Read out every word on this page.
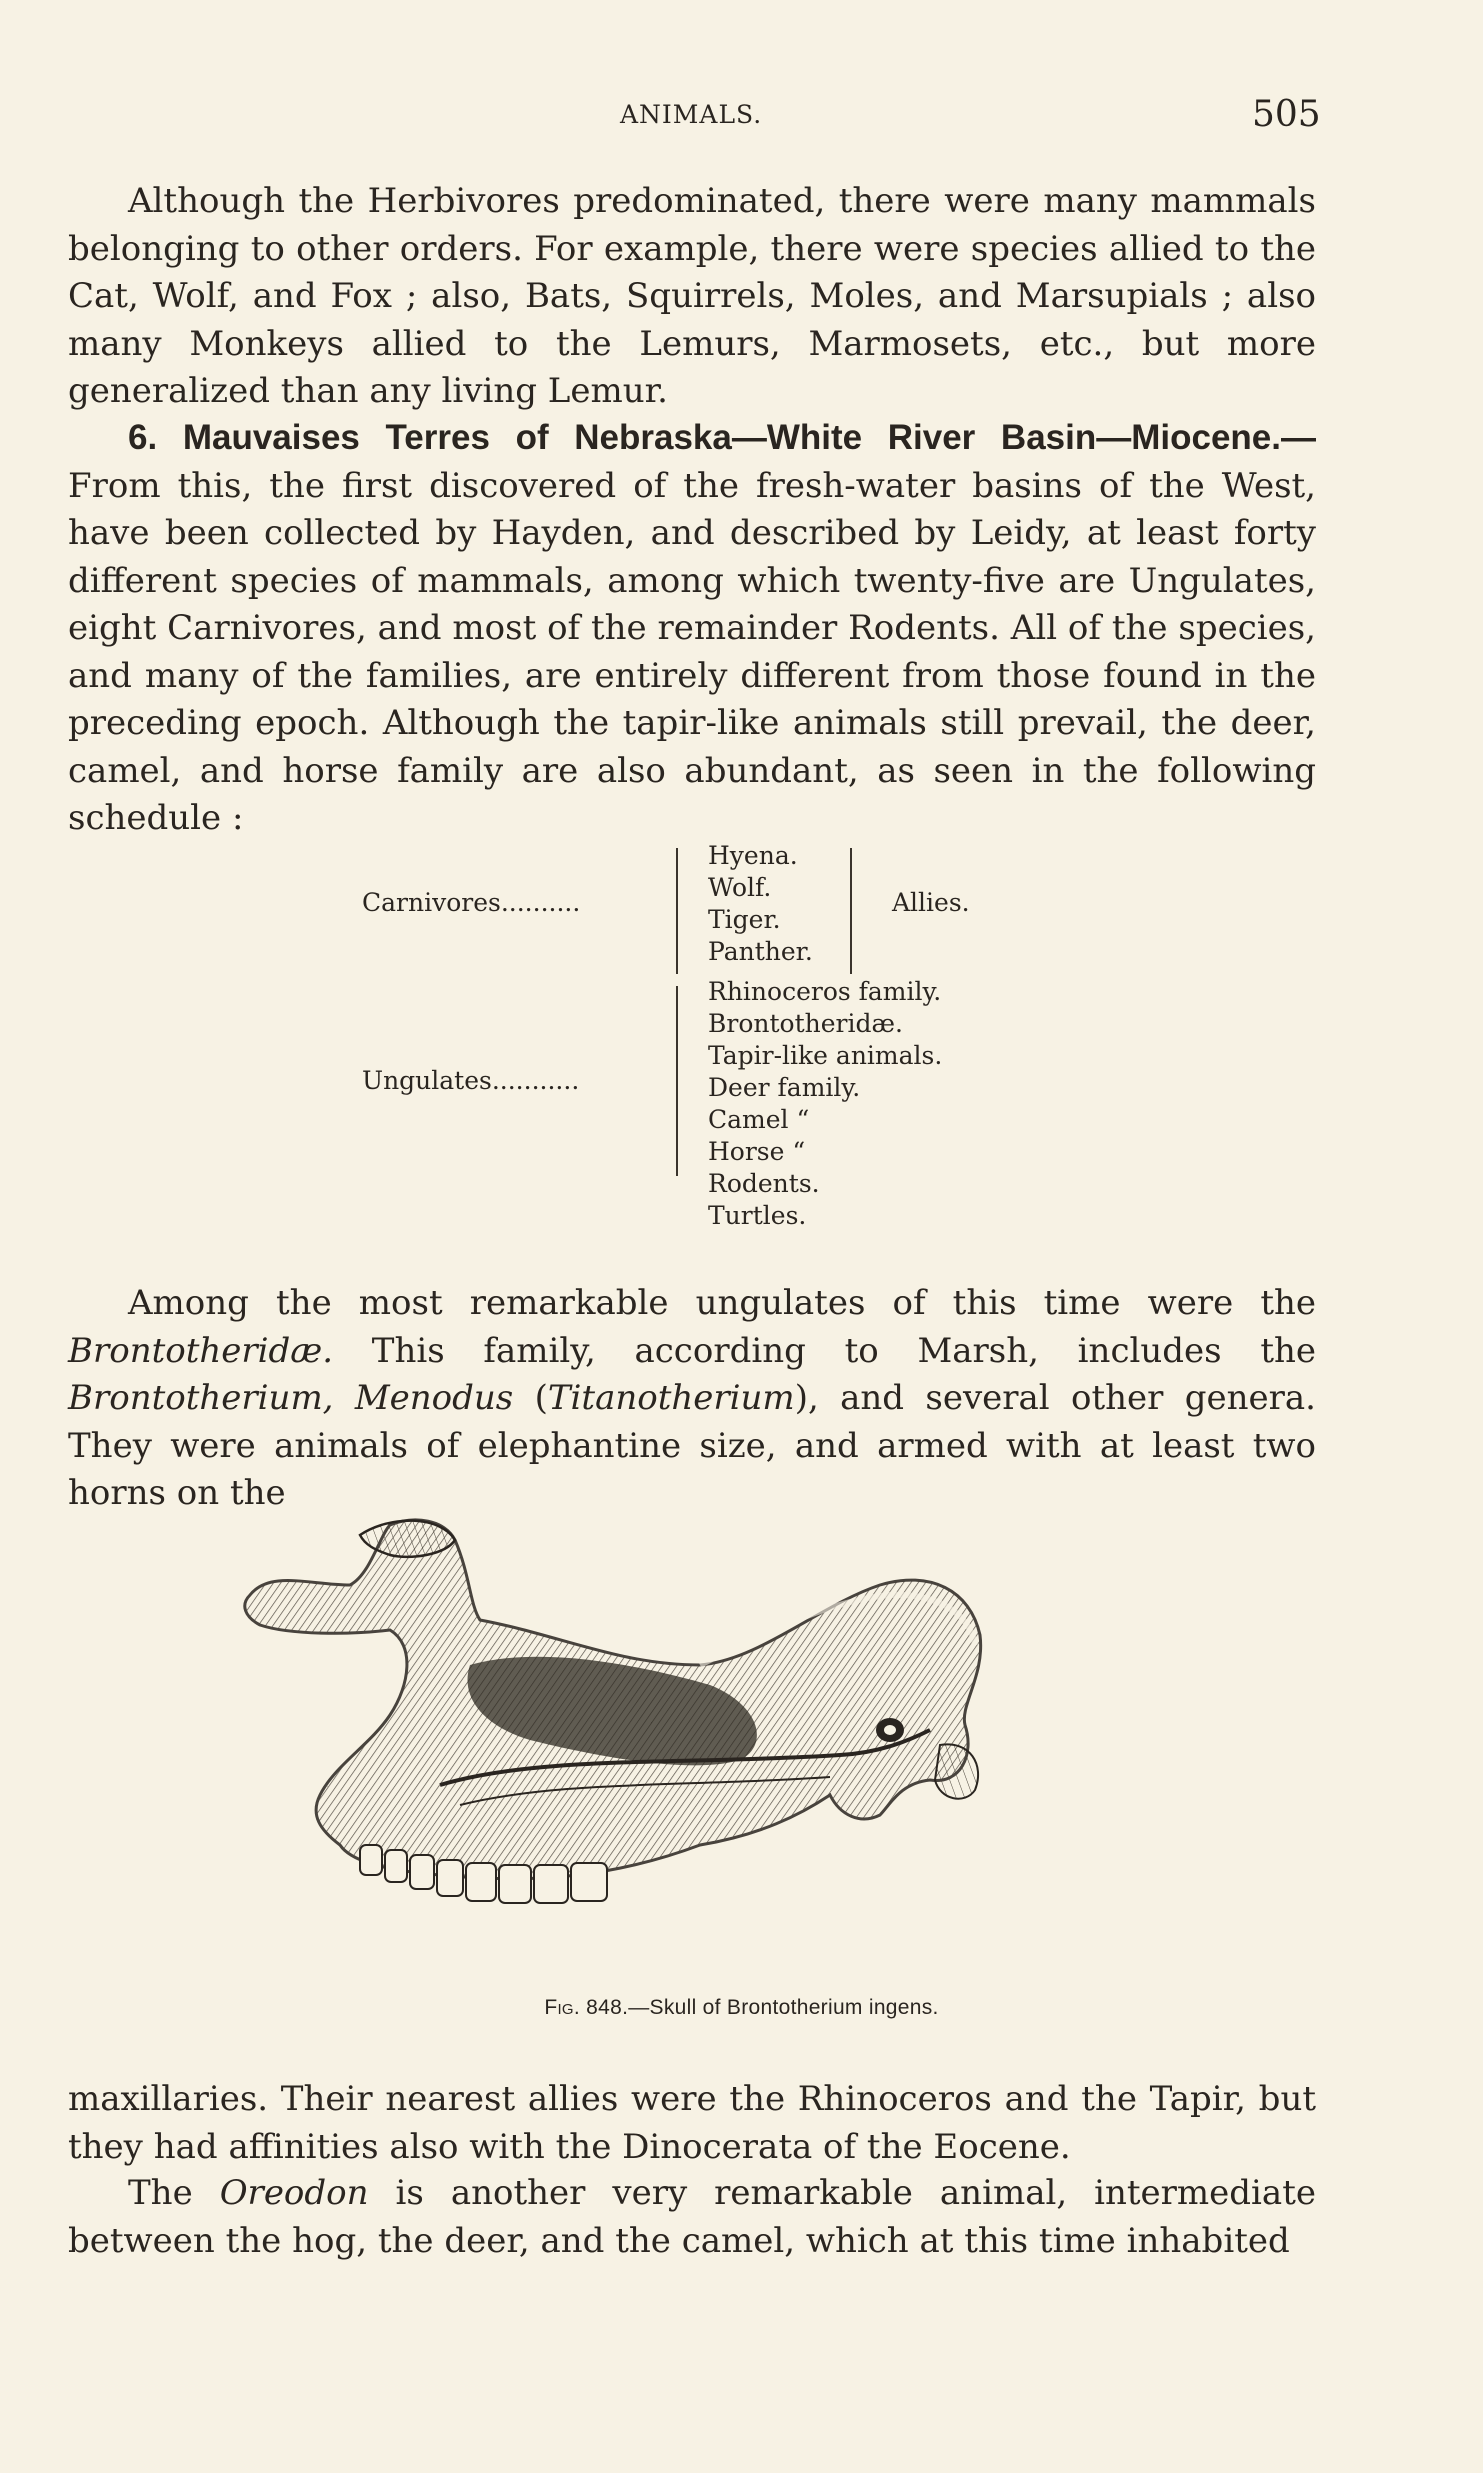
ANIMALS.	505

Although the Herbivores predominated, there were many mammals belonging to other orders. For example, there were species allied to the Cat, Wolf, and Fox ; also, Bats, Squirrels, Moles, and Marsupials ; also many Monkeys allied to the Lemurs, Marmosets, etc., but more generalized than any living Lemur.

6. Mauvaises Terres of Nebraska—White River Basin—Miocene.— From this, the first discovered of the fresh-water basins of the West, have been collected by Hayden, and described by Leidy, at least forty different species of mammals, among which twenty-five are Ungulates, eight Carnivores, and most of the remainder Rodents. All of the species, and many of the families, are entirely different from those found in the preceding epoch. Although the tapir-like animals still prevail, the deer, camel, and horse family are also abundant, as seen in the following schedule :

Carnivores..........
Hyena.
Wolf.
Tiger.
Panther.
Allies.
Ungulates...........
Rhinoceros family.
Brontotheridæ.
Tapir-like animals.
Deer family.
Camel “
Horse “
Rodents.
Turtles.

Among the most remarkable ungulates of this time were the Brontotheridæ. This family, according to Marsh, includes the Brontotherium, Menodus (Titanotherium), and several other genera. They were animals of elephantine size, and armed with at least two horns on the

Fig. 848.—Skull of Brontotherium ingens.

maxillaries. Their nearest allies were the Rhinoceros and the Tapir, but they had affinities also with the Dinocerata of the Eocene.

The Oreodon is another very remarkable animal, intermediate between the hog, the deer, and the camel, which at this time inhabited
